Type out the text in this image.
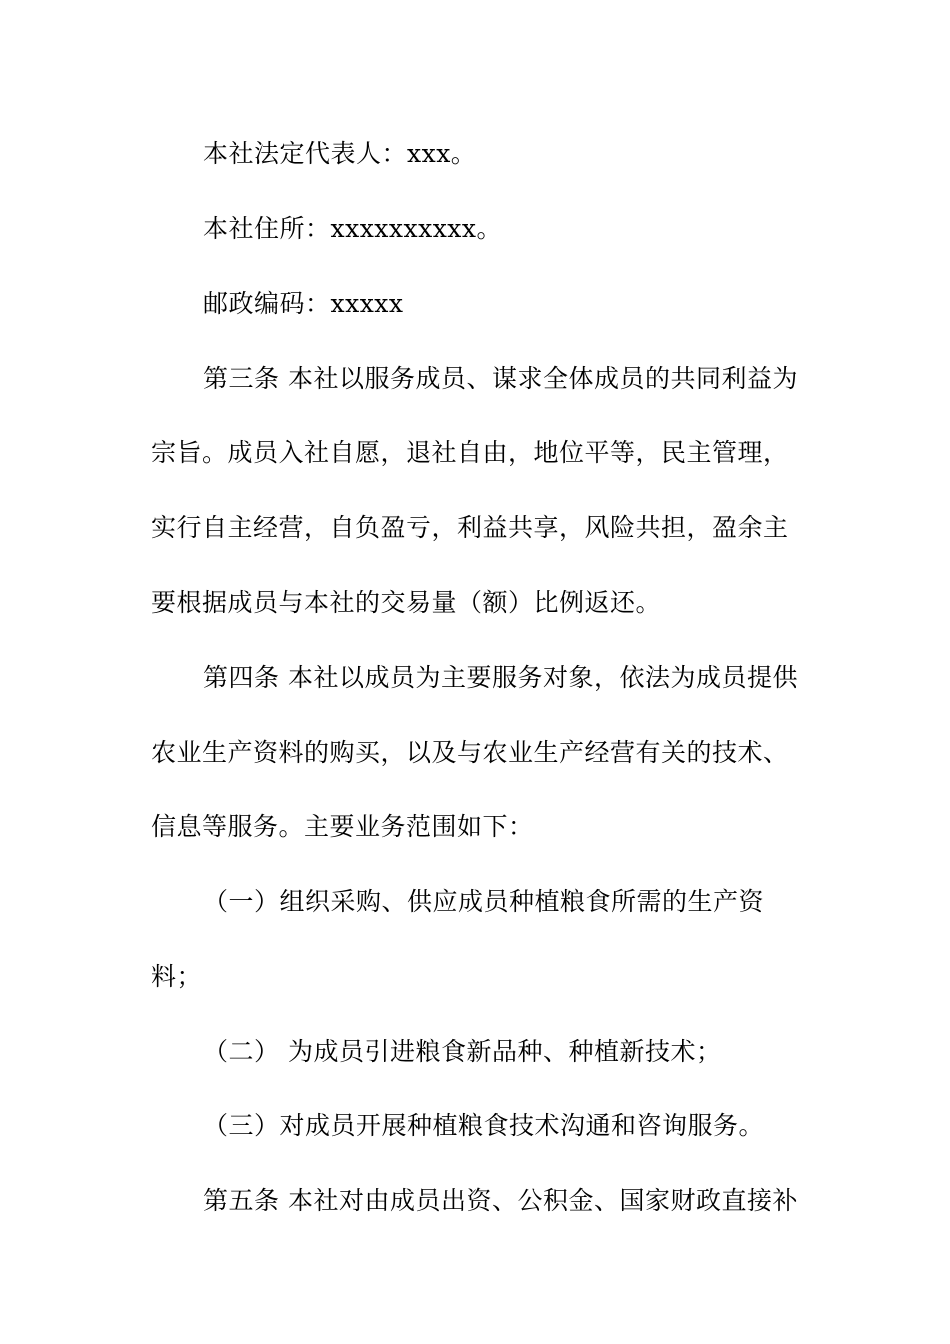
本社法定代表人：xxx。
本社住所：xxxxxxxxxx。
邮政编码：xxxxx
第三条 本社以服务成员、谋求全体成员的共同利益为
宗旨。成员入社自愿，退社自由，地位平等，民主管理，
实行自主经营，自负盈亏，利益共享，风险共担，盈余主
要根据成员与本社的交易量（额）比例返还。
第四条 本社以成员为主要服务对象，依法为成员提供
农业生产资料的购买，以及与农业生产经营有关的技术、
信息等服务。主要业务范围如下：
（一）组织采购、供应成员种植粮食所需的生产资
料；
（二） 为成员引进粮食新品种、种植新技术；
（三）对成员开展种植粮食技术沟通和咨询服务。
第五条 本社对由成员出资、公积金、国家财政直接补
